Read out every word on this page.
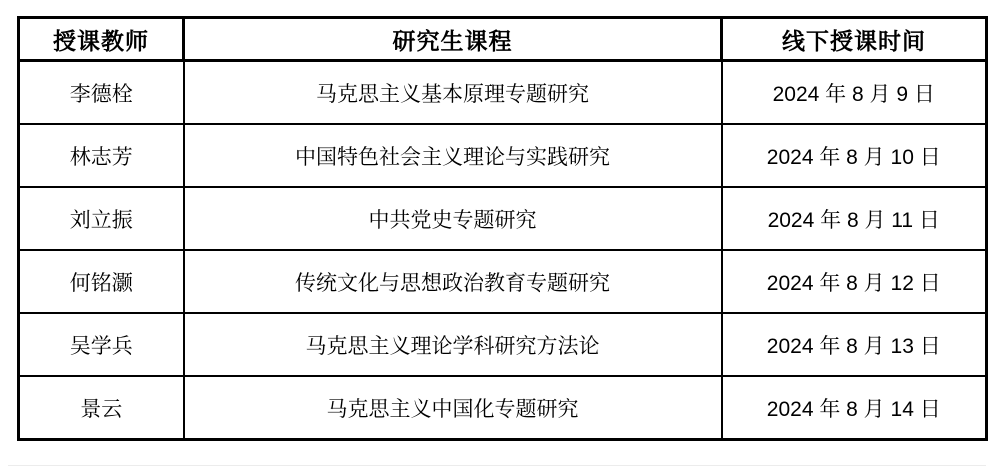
授课教师	研究生课程	线下授课时间
李德栓	马克思主义基本原理专题研究	2024 年 8 月 9 日
林志芳	中国特色社会主义理论与实践研究	2024 年 8 月 10 日
刘立振	中共党史专题研究	2024 年 8 月 11 日
何铭灏	传统文化与思想政治教育专题研究	2024 年 8 月 12 日
吴学兵	马克思主义理论学科研究方法论	2024 年 8 月 13 日
景云	马克思主义中国化专题研究	2024 年 8 月 14 日
